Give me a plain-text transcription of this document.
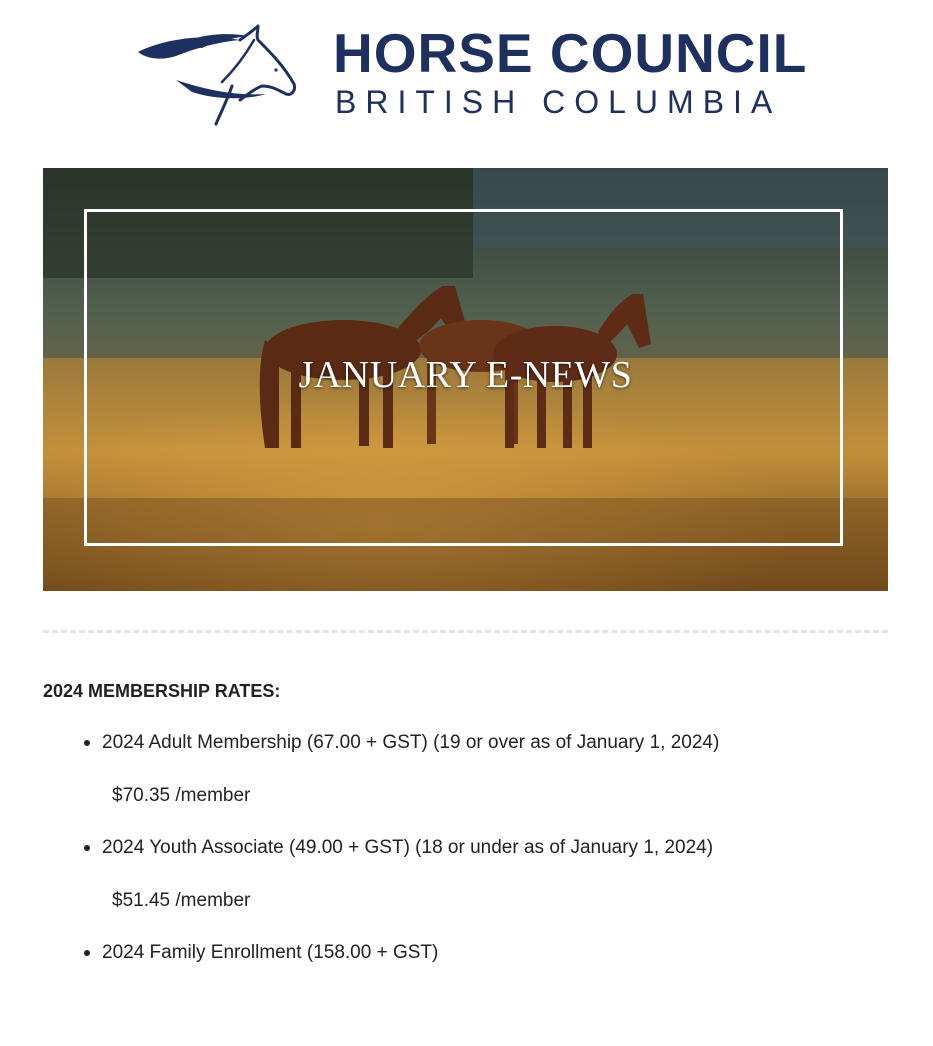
HORSE COUNCIL
BRITISH COLUMBIA
JANUARY E-NEWS
2024 MEMBERSHIP RATES:
2024 Adult Membership (67.00 + GST) (19 or over as of January 1, 2024)
$70.35 /member
2024 Youth Associate (49.00 + GST) (18 or under as of January 1, 2024)
$51.45 /member
2024 Family Enrollment (158.00 + GST)
